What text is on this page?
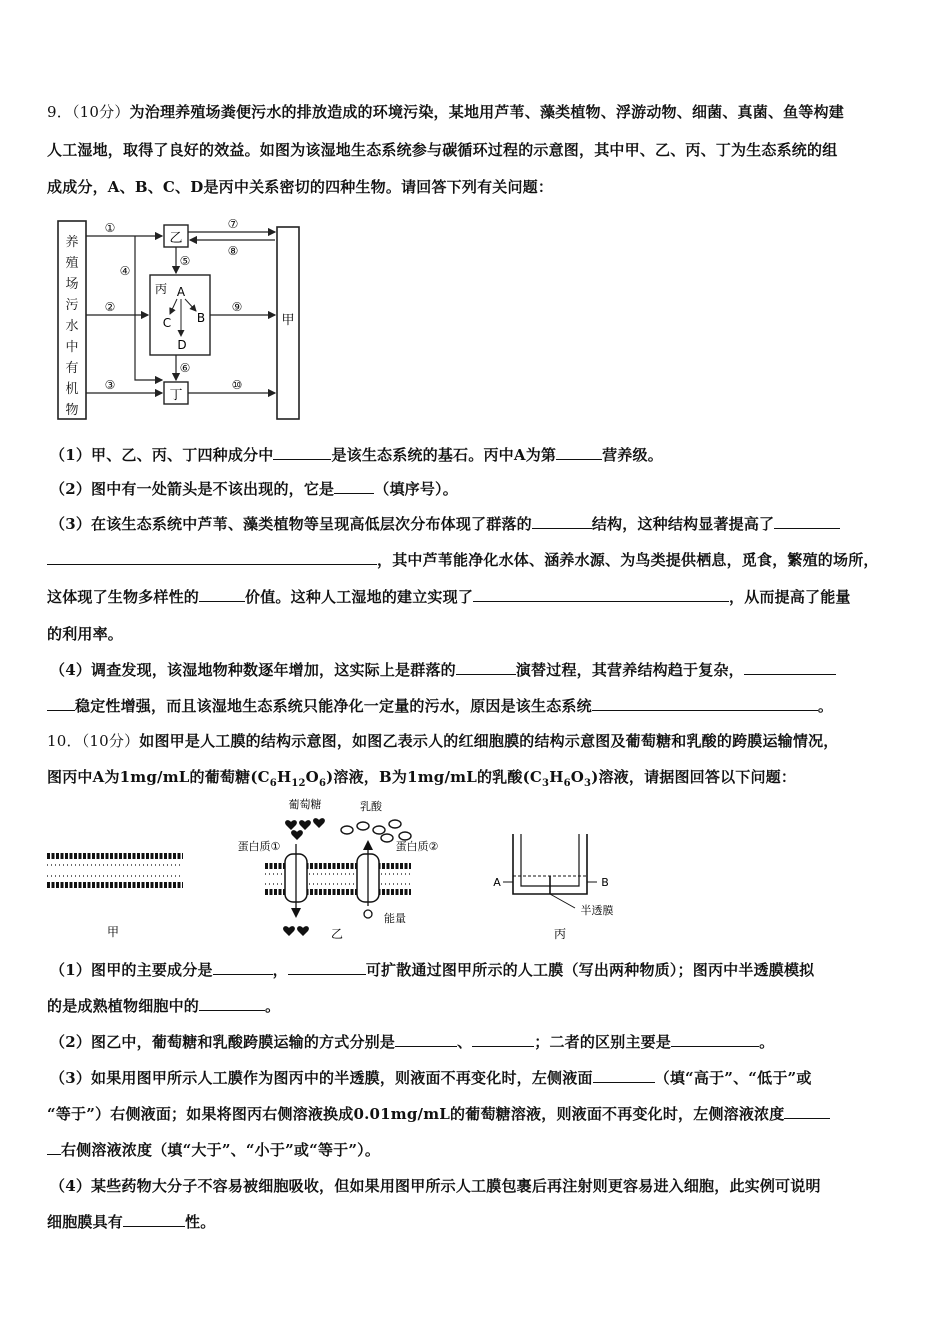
9．（10分）为治理养殖场粪便污水的排放造成的环境污染，某地用芦苇、藻类植物、浮游动物、细菌、真菌、鱼等构建
人工湿地，取得了良好的效益。如图为该湿地生态系统参与碳循环过程的示意图，其中甲、乙、丙、丁为生态系统的组
成成分，A、B、C、D是丙中关系密切的四种生物。请回答下列有关问题：
养
殖
场
污
水
中
有
机
物
乙
丙 A
B
C
D
丁
甲
①
②
③
④
⑤
⑥
⑦
⑧
⑨
⑩
（1）甲、乙、丙、丁四种成分中	是该生态系统的基石。丙中A为第	营养级。
（2）图中有一处箭头是不该出现的，它是	（填序号）。
（3）在该生态系统中芦苇、藻类植物等呈现高低层次分布体现了群落的	结构，这种结构显著提高了
，其中芦苇能净化水体、涵养水源、为鸟类提供栖息，觅食，繁殖的场所，
这体现了生物多样性的	价值。这种人工湿地的建立实现了	，从而提高了能量
的利用率。
（4）调查发现，该湿地物种数逐年增加，这实际上是群落的	演替过程，其营养结构趋于复杂，
稳定性增强，而且该湿地生态系统只能净化一定量的污水，原因是该生态系统	。
10．（10分）如图甲是人工膜的结构示意图，如图乙表示人的红细胞膜的结构示意图及葡萄糖和乳酸的跨膜运输情况，
图丙中A为1mg/mL的葡萄糖$(C_6H_{12}O_6)$溶液，B为1mg/mL的乳酸$(C_3H_6O_3)$溶液，请据图回答以下问题：
甲
葡萄糖	乳酸
蛋白质①	蛋白质②
能量
乙
A	B
半透膜
丙
（1）图甲的主要成分是	，	可扩散通过图甲所示的人工膜（写出两种物质）；图丙中半透膜模拟
的是成熟植物细胞中的	。
（2）图乙中，葡萄糖和乳酸跨膜运输的方式分别是	、	；二者的区别主要是	。
（3）如果用图甲所示人工膜作为图丙中的半透膜，则液面不再变化时，左侧液面	（填“高于”、“低于”或
“等于”）右侧液面；如果将图丙右侧溶液换成0.01mg/mL的葡萄糖溶液，则液面不再变化时，左侧溶液浓度
右侧溶液浓度（填“大于”、“小于”或“等于”）。
（4）某些药物大分子不容易被细胞吸收，但如果用图甲所示人工膜包裹后再注射则更容易进入细胞，此实例可说明
细胞膜具有	性。
